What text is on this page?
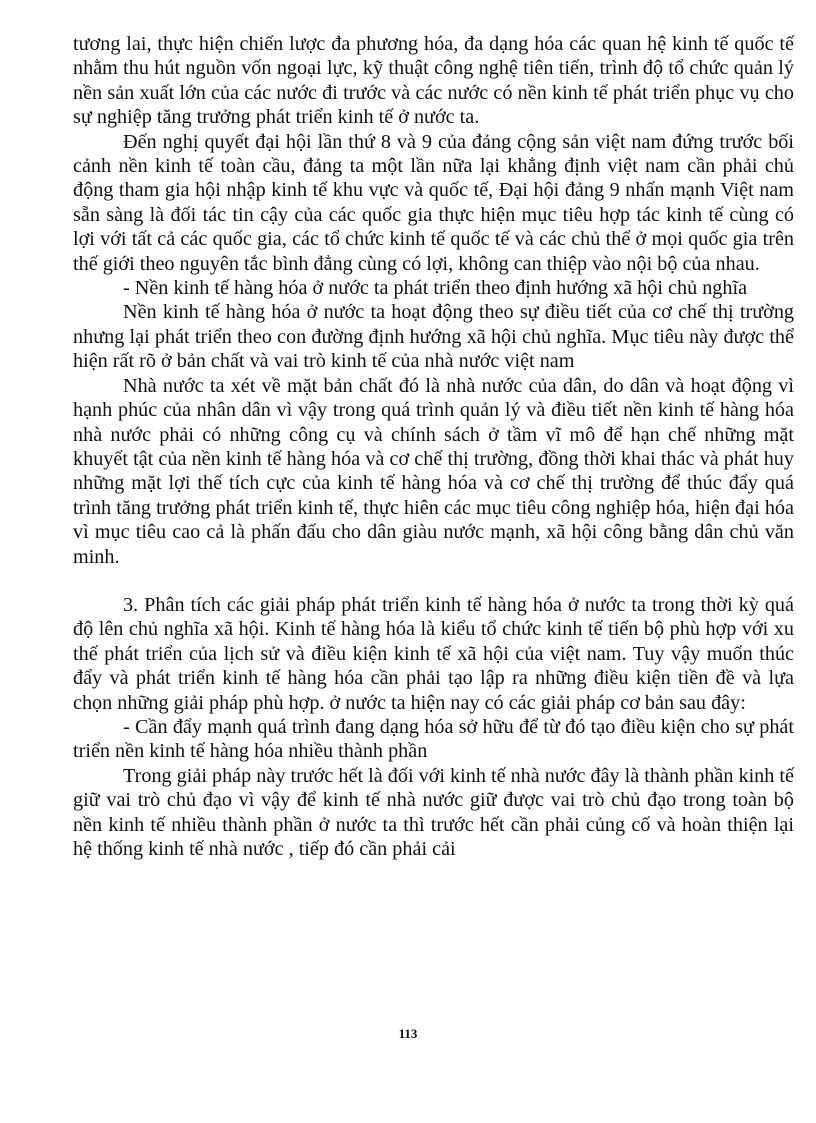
tương lai, thực hiện chiến lược đa phương hóa, đa dạng hóa các quan hệ kinh tế quốc tế nhằm thu hút nguồn vốn ngoại lực, kỹ thuật công nghệ tiên tiến, trình độ tổ chức quản lý nền sản xuất lớn của các nước đi trước và các nước có nền kinh tế phát triển phục vụ cho sự nghiệp tăng trưởng phát triển kinh tế ở nước ta.

Đến nghị quyết đại hội lần thứ 8 và 9 của đảng cộng sản việt nam đứng trước bối cảnh nền kinh tế toàn cầu, đảng ta một lần nữa lại khẳng định việt nam cần phải chủ động tham gia hội nhập kinh tế khu vực và quốc tế, Đại hội đảng 9 nhấn mạnh Việt nam sẵn sàng là đối tác tin cậy của các quốc gia thực hiện mục tiêu hợp tác kinh tế cùng có lợi với tất cả các quốc gia, các tổ chức kinh tế quốc tế và các chủ thể ở mọi quốc gia trên thế giới theo nguyên tắc bình đẳng cùng có lợi, không can thiệp vào nội bộ của nhau.

- Nền kinh tế hàng hóa ở nước ta phát triển theo định hướng xã hội chủ nghĩa

Nền kinh tế hàng hóa ở nước ta hoạt động theo sự điều tiết của cơ chế thị trường nhưng lại phát triển theo con đường định hướng xã hội chủ nghĩa. Mục tiêu này được thể hiện rất rõ ở bản chất và vai trò kinh tế của nhà nước việt nam

Nhà nước ta xét về mặt bản chất đó là nhà nước của dân, do dân và hoạt động vì hạnh phúc của nhân dân vì vậy trong quá trình quản lý và điều tiết nền kinh tế hàng hóa nhà nước phải có những công cụ và chính sách ở tầm vĩ mô để hạn chế những mặt khuyết tật của nền kinh tế hàng hóa và cơ chế thị trường, đồng thời khai thác và phát huy những mặt lợi thế tích cực của kinh tế hàng hóa và cơ chế thị trường để thúc đẩy quá trình tăng trưởng phát triển kinh tế, thực hiên các mục tiêu công nghiệp hóa, hiện đại hóa vì mục tiêu cao cả là phấn đấu cho dân giàu nước mạnh, xã hội công bằng dân chủ văn minh.

3. Phân tích các giải pháp phát triển kinh tế hàng hóa ở nước ta trong thời kỳ quá độ lên chủ nghĩa xã hội. Kinh tế hàng hóa là kiểu tổ chức kinh tế tiến bộ phù hợp với xu thế phát triển của lịch sử và điều kiện kinh tế xã hội của việt nam. Tuy vậy muốn thúc đẩy và phát triển kinh tế hàng hóa cần phải tạo lập ra những điều kiện tiền đề và lựa chọn những giải pháp phù hợp. ở nước ta hiện nay có các giải pháp cơ bản sau đây:

- Cần đẩy mạnh quá trình đang dạng hóa sở hữu để từ đó tạo điều kiện cho sự phát triển nền kinh tế hàng hóa nhiều thành phần

Trong giải pháp này trước hết là đối với kinh tế nhà nước đây là thành phần kinh tế giữ vai trò chủ đạo vì vậy để kinh tế nhà nước giữ được vai trò chủ đạo trong toàn bộ nền kinh tế nhiều thành phần ở nước ta thì trước hết cần phải củng cố và hoàn thiện lại hệ thống kinh tế nhà nước , tiếp đó cần phải cải

113
